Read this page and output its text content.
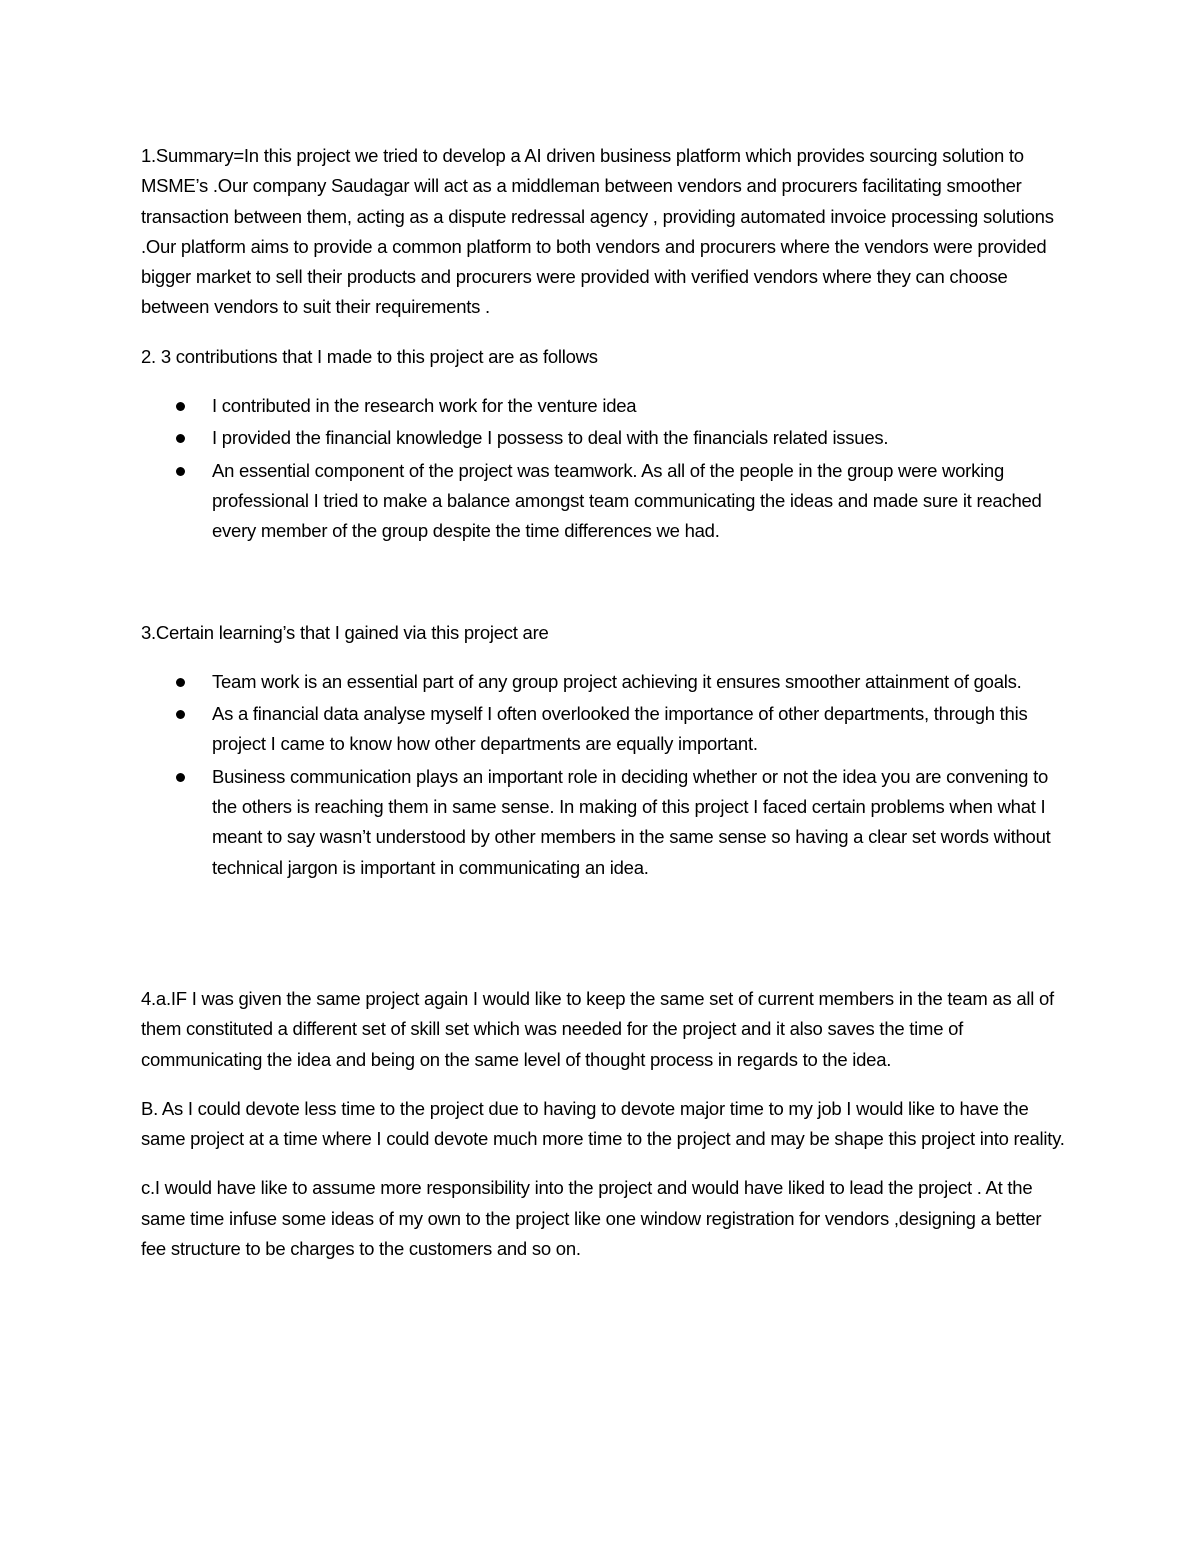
1.Summary=In this project we tried to develop a AI driven business platform which provides sourcing solution to MSME’s .Our company Saudagar will act as a middleman between vendors and procurers facilitating smoother transaction between them, acting as a dispute redressal agency , providing automated invoice processing solutions .Our platform aims to provide a common platform to both vendors and procurers where the vendors were provided bigger market to sell their products and procurers were provided with verified vendors where they can choose between vendors to suit their requirements .

2. 3 contributions that I made to this project are as follows

I contributed in the research work for the venture idea
I provided the financial knowledge I possess to deal with the financials related issues.
An essential component of the project was teamwork. As all of the people in the group were working professional I tried to make a balance amongst team communicating the ideas and made sure it reached every member of the group despite the time differences we had.

3.Certain learning’s that I gained via this project are

Team work is an essential part of any group project achieving it ensures smoother attainment of goals.
As a financial data analyse myself I often overlooked the importance of other departments, through this project I came to know how other departments are equally important.
Business communication plays an important role in deciding whether or not the idea you are convening to the others is reaching them in same sense. In making of this project I faced certain problems when what I meant to say wasn’t understood by other members in the same sense so having a clear set words without technical jargon is important in communicating an idea.

4.a.IF I was given the same project again I would like to keep the same set of current members in the team as all of them constituted a different set of skill set which was needed for the project and it also saves the time of communicating the idea and being on the same level of thought process in regards to the idea.

B. As I could devote less time to the project due to having to devote major time to my job I would like to have the same project at a time where I could devote much more time to the project and may be shape this project into reality.

c.I would have like to assume more responsibility into the project and would have liked to lead the project . At the same time infuse some ideas of my own to the project like one window registration for vendors ,designing a better fee structure to be charges to the customers and so on.
